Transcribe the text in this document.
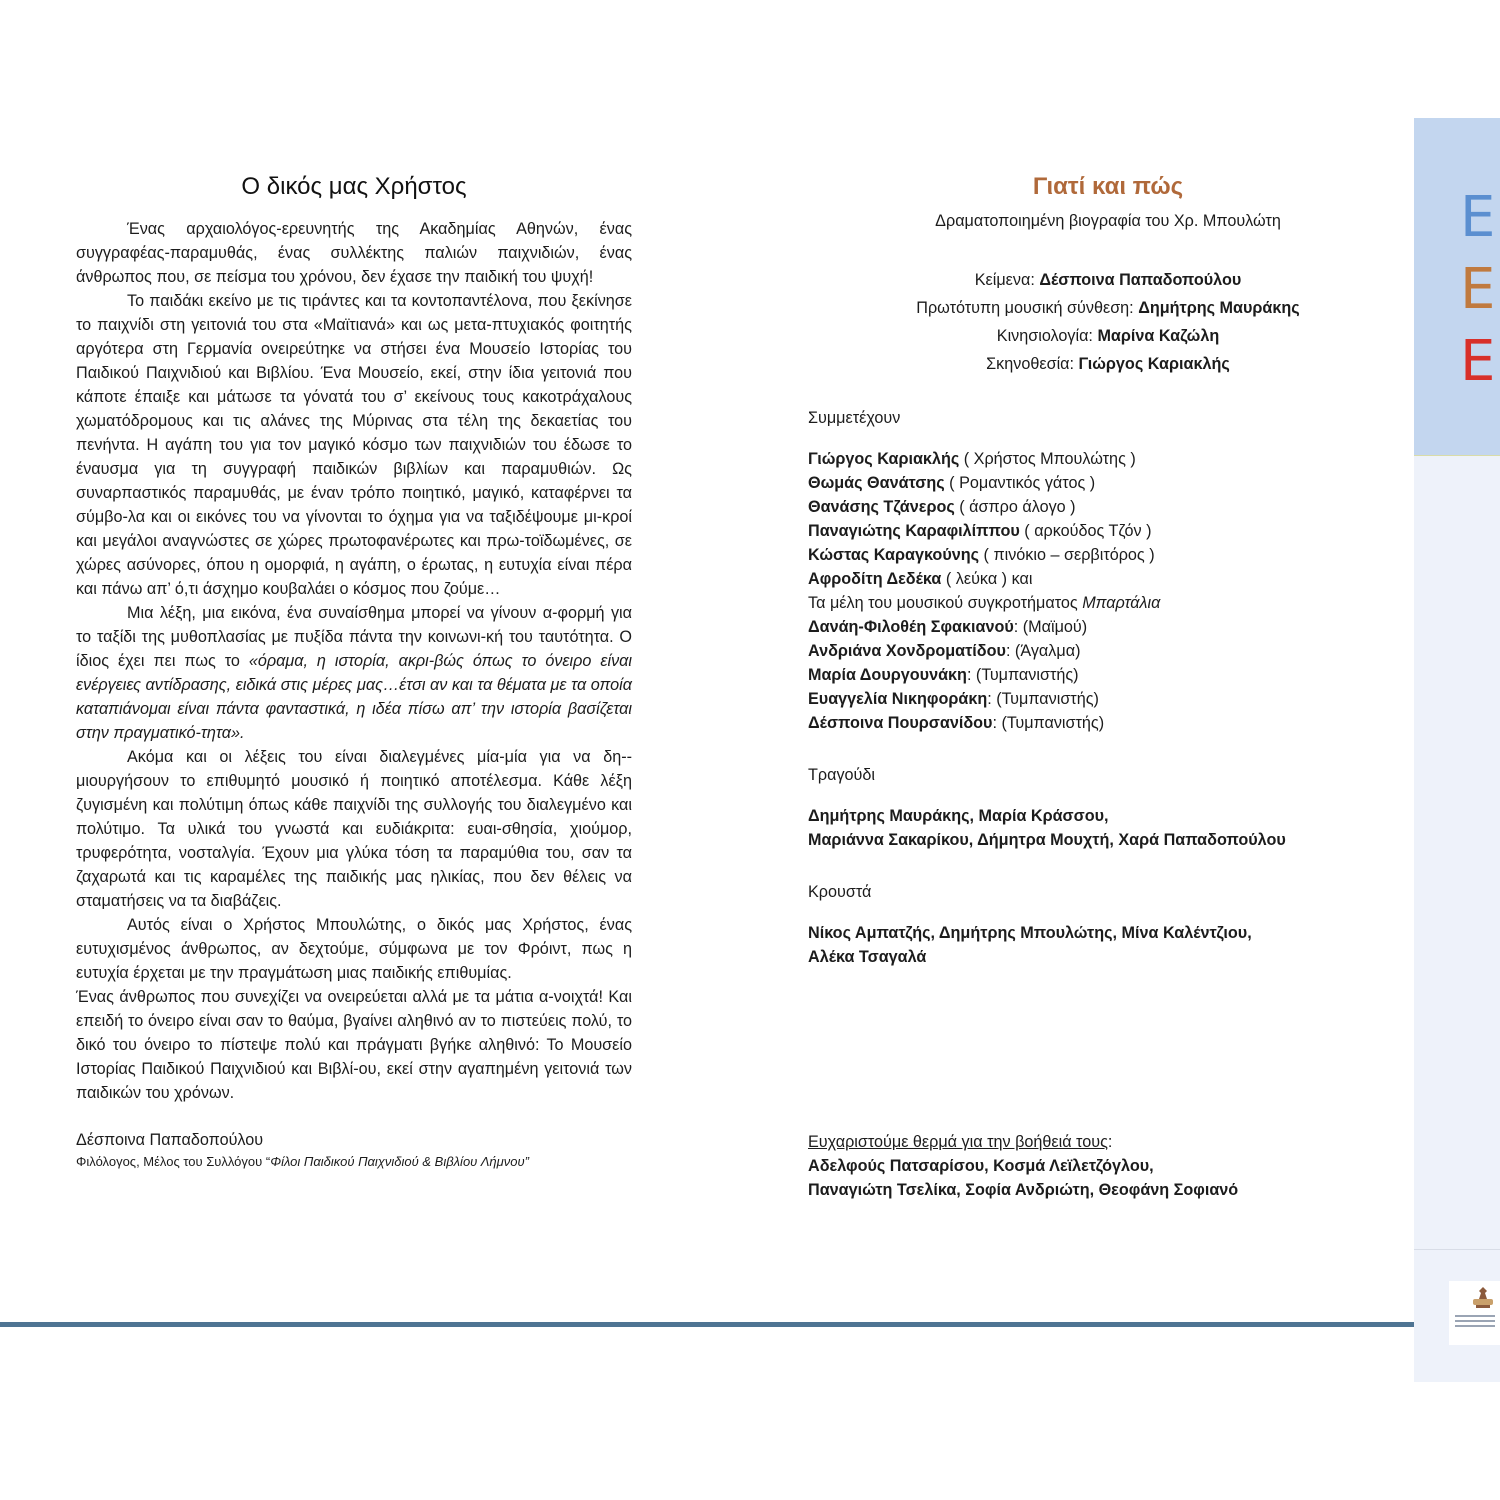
Ο δικός μας Χρήστος

Ένας αρχαιολόγος-ερευνητής της Ακαδημίας Αθηνών, ένας συγγραφέας-παραμυθάς, ένας συλλέκτης παλιών παιχνιδιών, ένας άνθρωπος που, σε πείσμα του χρόνου, δεν έχασε την παιδική του ψυχή!

Το παιδάκι εκείνο με τις τιράντες και τα κοντοπαντέλονα, που ξεκίνησε το παιχνίδι στη γειτονιά του στα «Μαϊτιανά» και ως μετα-πτυχιακός φοιτητής αργότερα στη Γερμανία ονειρεύτηκε να στήσει ένα Μουσείο Ιστορίας του Παιδικού Παιχνιδιού και Βιβλίου. Ένα Μουσείο, εκεί, στην ίδια γειτονιά που κάποτε έπαιξε και μάτωσε τα γόνατά του σ’ εκείνους τους κακοτράχαλους χωματόδρομους και τις αλάνες της Μύρινας στα τέλη της δεκαετίας του πενήντα. Η αγάπη του για τον μαγικό κόσμο των παιχνιδιών του έδωσε το έναυσμα για τη συγγραφή παιδικών βιβλίων και παραμυθιών. Ως συναρπαστικός παραμυθάς, με έναν τρόπο ποιητικό, μαγικό, καταφέρνει τα σύμβο-λα και οι εικόνες του να γίνονται το όχημα για να ταξιδέψουμε μι-κροί και μεγάλοι αναγνώστες σε χώρες πρωτοφανέρωτες και πρω-τοϊδωμένες, σε χώρες ασύνορες, όπου η ομορφιά, η αγάπη, ο έρωτας, η ευτυχία είναι πέρα και πάνω απ’ ό,τι άσχημο κουβαλάει ο κόσμος που ζούμε…

Μια λέξη, μια εικόνα, ένα συναίσθημα μπορεί να γίνουν α-φορμή για το ταξίδι της μυθοπλασίας με πυξίδα πάντα την κοινωνι-κή του ταυτότητα. Ο ίδιος έχει πει πως το «όραμα, η ιστορία, ακρι-βώς όπως το όνειρο είναι ενέργειες αντίδρασης, ειδικά στις μέρες μας…έτσι αν και τα θέματα με τα οποία καταπιάνομαι είναι πάντα φανταστικά, η ιδέα πίσω απ’ την ιστορία βασίζεται στην πραγματικό-τητα».

Ακόμα και οι λέξεις του είναι διαλεγμένες μία-μία για να δη-μιουργήσουν το επιθυμητό μουσικό ή ποιητικό αποτέλεσμα. Κάθε λέξη ζυγισμένη και πολύτιμη όπως κάθε παιχνίδι της συλλογής του διαλεγμένο και πολύτιμο. Τα υλικά του γνωστά και ευδιάκριτα: ευαι-σθησία, χιούμορ, τρυφερότητα, νοσταλγία. Έχουν μια γλύκα τόση τα παραμύθια του, σαν τα ζαχαρωτά και τις καραμέλες της παιδικής μας ηλικίας, που δεν θέλεις να σταματήσεις να τα διαβάζεις.

Αυτός είναι ο Χρήστος Μπουλώτης, ο δικός μας Χρήστος, ένας ευτυχισμένος άνθρωπος, αν δεχτούμε, σύμφωνα με τον Φρόιντ, πως η ευτυχία έρχεται με την πραγμάτωση μιας παιδικής επιθυμίας.

Ένας άνθρωπος που συνεχίζει να ονειρεύεται αλλά με τα μάτια α-νοιχτά! Και επειδή το όνειρο είναι σαν το θαύμα, βγαίνει αληθινό αν το πιστεύεις πολύ, το δικό του όνειρο το πίστεψε πολύ και πράγματι βγήκε αληθινό: Το Μουσείο Ιστορίας Παιδικού Παιχνιδιού και Βιβλί-ου, εκεί στην αγαπημένη γειτονιά των παιδικών του χρόνων.

Δέσποινα Παπαδοπούλου
Φιλόλογος, Μέλος του Συλλόγου “Φίλοι Παιδικού Παιχνιδιού & Βιβλίου Λήμνου”
Γιατί και πώς
Δραματοποιημένη βιογραφία του Χρ. Μπουλώτη
Κείμενα: Δέσποινα Παπαδοπούλου
Πρωτότυπη μουσική σύνθεση: Δημήτρης Μαυράκης
Κινησιολογία: Μαρίνα Καζώλη
Σκηνοθεσία: Γιώργος Καριακλής
Συμμετέχουν
Γιώργος Καριακλής ( Χρήστος Μπουλώτης )
Θωμάς Θανάτσης ( Ρομαντικός γάτος )
Θανάσης Τζάνερος ( άσπρο άλογο )
Παναγιώτης Καραφιλίππου ( αρκούδος Τζόν )
Κώστας Καραγκούνης ( πινόκιο – σερβιτόρος )
Αφροδίτη Δεδέκα ( λεύκα ) και
Τα μέλη του μουσικού συγκροτήματος Μπαρτάλια
Δανάη-Φιλοθέη Σφακιανού: (Μαϊμού)
Ανδριάνα Χονδροματίδου: (Άγαλμα)
Μαρία Δουργουνάκη: (Τυμπανιστής)
Ευαγγελία Νικηφοράκη: (Τυμπανιστής)
Δέσποινα Πουρσανίδου: (Τυμπανιστής)
Τραγούδι
Δημήτρης Μαυράκης, Μαρία Κράσσου,
Μαριάννα Σακαρίκου, Δήμητρα Μουχτή, Χαρά Παπαδοπούλου
Κρουστά
Νίκος Αμπατζής, Δημήτρης Μπουλώτης, Μίνα Καλέντζιου,
Αλέκα Τσαγαλά
Ευχαριστούμε θερμά για την βοήθειά τους:
Αδελφούς Πατσαρίσου, Κοσμά Λεϊλετζόγλου,
Παναγιώτη Τσελίκα, Σοφία Ανδριώτη, Θεοφάνη Σοφιανό
Ε
Ε
Ε
